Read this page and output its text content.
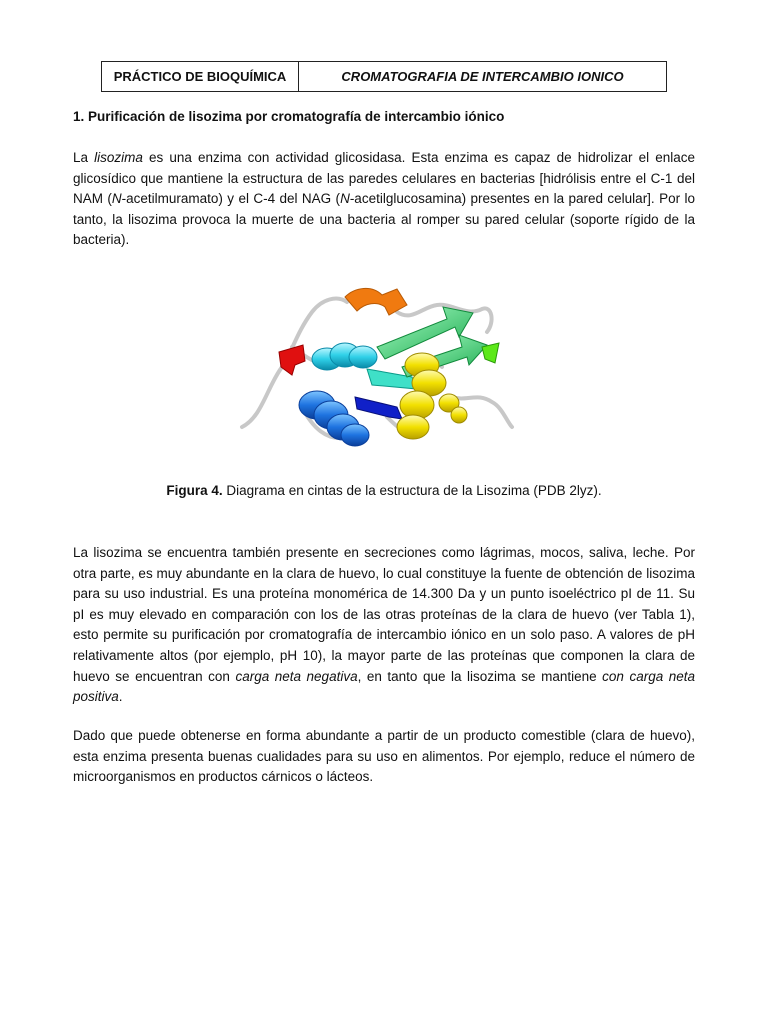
PRÁCTICO DE BIOQUÍMICA	CROMATOGRAFIA DE INTERCAMBIO IONICO
1. Purificación de lisozima por cromatografía de intercambio iónico

La lisozima es una enzima con actividad glicosidasa. Esta enzima es capaz de hidrolizar el enlace glicosídico que mantiene la estructura de las paredes celulares en bacterias [hidrólisis entre el C-1 del NAM (N-acetilmuramato) y el C-4 del NAG (N-acetilglucosamina) presentes en la pared celular]. Por lo tanto, la lisozima provoca la muerte de una bacteria al romper su pared celular (soporte rígido de la bacteria).

Figura 4. Diagrama en cintas de la estructura de la Lisozima (PDB 2lyz).

La lisozima se encuentra también presente en secreciones como lágrimas, mocos, saliva, leche. Por otra parte, es muy abundante en la clara de huevo, lo cual constituye la fuente de obtención de lisozima para su uso industrial. Es una proteína monomérica de 14.300 Da y un punto isoeléctrico pI de 11. Su pI es muy elevado en comparación con los de las otras proteínas de la clara de huevo (ver Tabla 1), esto permite su purificación por cromatografía de intercambio iónico en un solo paso. A valores de pH relativamente altos (por ejemplo, pH 10), la mayor parte de las proteínas que componen la clara de huevo se encuentran con carga neta negativa, en tanto que la lisozima se mantiene con carga neta positiva.

Dado que puede obtenerse en forma abundante a partir de un producto comestible (clara de huevo), esta enzima presenta buenas cualidades para su uso en alimentos. Por ejemplo, reduce el número de microorganismos en productos cárnicos o lácteos.
